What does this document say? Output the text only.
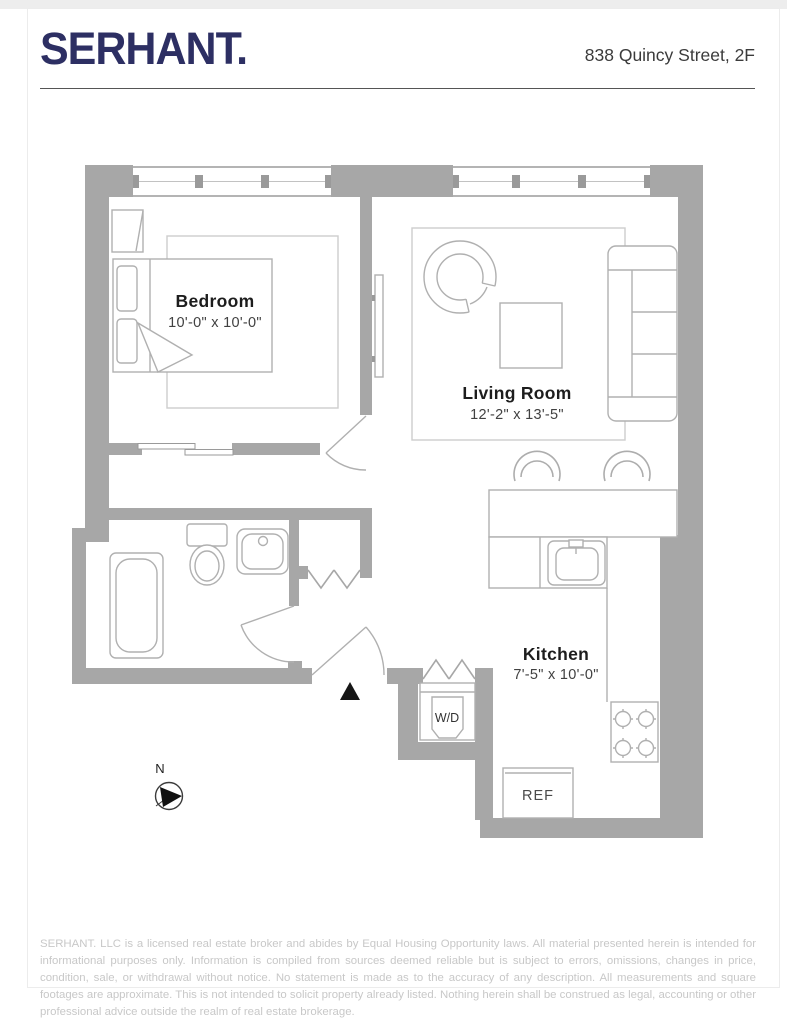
SERHANT.	838 Quincy Street, 2F
REF
W/D
N
Bedroom
10'-0" x 10'-0"
Living Room
12'-2" x 13'-5"
Kitchen
7'-5" x 10'-0"
SERHANT. LLC is a licensed real estate broker and abides by Equal Housing Opportunity laws. All material presented herein is intended for informational purposes only. Information is compiled from sources deemed reliable but is subject to errors, omissions, changes in price, condition, sale, or withdrawal without notice. No statement is made as to the accuracy of any description. All measurements and square footages are approximate. This is not intended to solicit property already listed. Nothing herein shall be construed as legal, accounting or other professional advice outside the realm of real estate brokerage.
